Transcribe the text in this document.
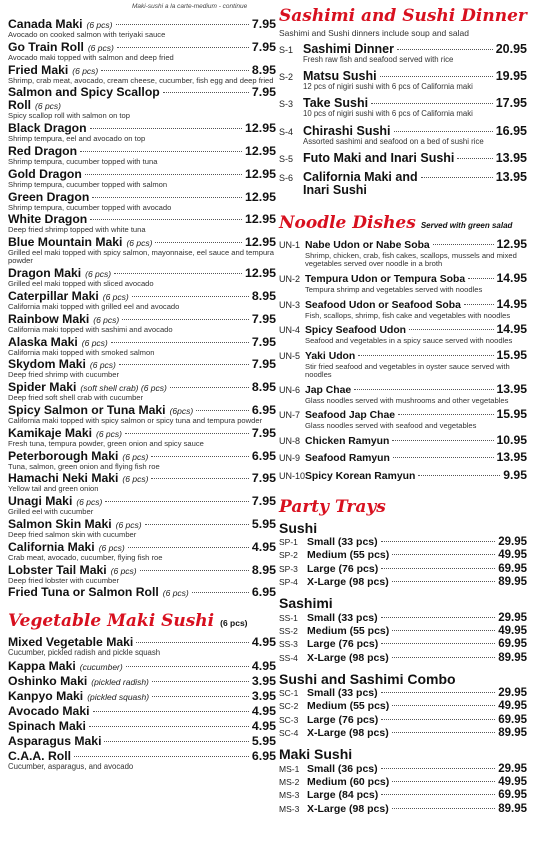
Maki-sushi a la carte-medium - continue
Canada Maki (6 pcs)	7.95
Avocado on cooked salmon with teriyaki sauce
Go Train Roll (6 pcs)	7.95
Avocado maki topped with salmon and deep fried
Fried Maki (6 pcs)	8.95
Shrimp, crab meat, avocado, cream cheese, cucumber, fish egg and deep fried
Salmon and Spicy Scallop	7.95
Roll (6 pcs)
Spicy scallop roll with salmon on top
Black Dragon	12.95
Shrimp tempura, eel and avocado on top
Red Dragon	12.95
Shrimp tempura, cucumber topped with tuna
Gold Dragon	12.95
Shrimp tempura, cucumber topped with salmon
Green Dragon	12.95
Shrimp tempura, cucumber topped with avocado
White Dragon	12.95
Deep fried shrimp topped with white tuna
Blue Mountain Maki (6 pcs)	12.95
Grilled eel maki topped with spicy salmon, mayonnaise, eel sauce and tempura powder
Dragon Maki (6 pcs)	12.95
Grilled eel maki topped with sliced avocado
Caterpillar Maki (6 pcs)	8.95
California maki topped with grilled eel and avocado
Rainbow Maki (6 pcs)	7.95
California maki topped with sashimi and avocado
Alaska Maki (6 pcs)	7.95
California maki topped with smoked salmon
Skydom Maki (6 pcs)	7.95
Deep fried shrimp with cucumber
Spider Maki (soft shell crab) (6 pcs)	8.95
Deep fried soft shell crab with cucumber
Spicy Salmon or Tuna Maki (6pcs)	6.95
California maki topped with spicy salmon or spicy tuna and tempura powder
Kamikaje Maki (6 pcs)	7.95
Fresh tuna, tempura powder, green onion and spicy sauce
Peterborough Maki (6 pcs)	6.95
Tuna, salmon, green onion and flying fish roe
Hamachi Neki Maki (6 pcs)	7.95
Yellow tail and green onion
Unagi Maki (6 pcs)	7.95
Grilled eel with cucumber
Salmon Skin Maki (6 pcs)	5.95
Deep fried salmon skin with cucumber
California Maki (6 pcs)	4.95
Crab meat, avocado, cucumber, flying fish roe
Lobster Tail Maki (6 pcs)	8.95
Deep fried lobster with cucumber
Fried Tuna or Salmon Roll (6 pcs)	6.95
Vegetable Maki Sushi (6 pcs)
Mixed Vegetable Maki	4.95
Cucumber, pickled radish and pickle squash
Kappa Maki (cucumber)	4.95
Oshinko Maki (pickled radish)	3.95
Kanpyo Maki (pickled squash)	3.95
Avocado Maki	4.95
Spinach Maki	4.95
Asparagus Maki	5.95
C.A.A. Roll	6.95
Cucumber, asparagus, and avocado
Sashimi and Sushi Dinner
Sashimi and Sushi dinners include soup and salad
S-1 Sashimi Dinner	20.95
Fresh raw fish and seafood served with rice
S-2 Matsu Sushi	19.95
12 pcs of nigiri sushi with 6 pcs of California maki
S-3 Take Sushi	17.95
10 pcs of nigiri sushi with 6 pcs of California maki
S-4 Chirashi Sushi	16.95
Assorted sashimi and seafood on a bed of sushi rice
S-5 Futo Maki and Inari Sushi	13.95
S-6 California Maki and	13.95
Inari Sushi
Noodle Dishes Served with green salad
UN-1 Nabe Udon or Nabe Soba	12.95
Shrimp, chicken, crab, fish cakes, scallops, mussels and mixed vegetables served over noodle in a broth
UN-2 Tempura Udon or Tempura Soba	14.95
Tempura shrimp and vegetables served with noodles
UN-3 Seafood Udon or Seafood Soba	14.95
Fish, scallops, shrimp, fish cake and vegetables with noodles
UN-4 Spicy Seafood Udon	14.95
Seafood and vegetables in a spicy sauce served with noodles
UN-5 Yaki Udon	15.95
Stir fried seafood and vegetables in oyster sauce served with noodles
UN-6 Jap Chae	13.95
Glass noodles served with mushrooms and other vegetables
UN-7 Seafood Jap Chae	15.95
Glass noodles served with seafood and vegetables
UN-8 Chicken Ramyun	10.95
UN-9 Seafood Ramyun	13.95
UN-10 Spicy Korean Ramyun	9.95
Party Trays
Sushi
SP-1 Small (33 pcs)	29.95
SP-2 Medium (55 pcs)	49.95
SP-3 Large (76 pcs)	69.95
SP-4 X-Large (98 pcs)	89.95
Sashimi
SS-1 Small (33 pcs)	29.95
SS-2 Medium (55 pcs)	49.95
SS-3 Large (76 pcs)	69.95
SS-4 X-Large (98 pcs)	89.95
Sushi and Sashimi Combo
SC-1 Small (33 pcs)	29.95
SC-2 Medium (55 pcs)	49.95
SC-3 Large (76 pcs)	69.95
SC-4 X-Large (98 pcs)	89.95
Maki Sushi
MS-1 Small (36 pcs)	29.95
MS-2 Medium (60 pcs)	49.95
MS-3 Large (84 pcs)	69.95
MS-3 X-Large (98 pcs)	89.95
